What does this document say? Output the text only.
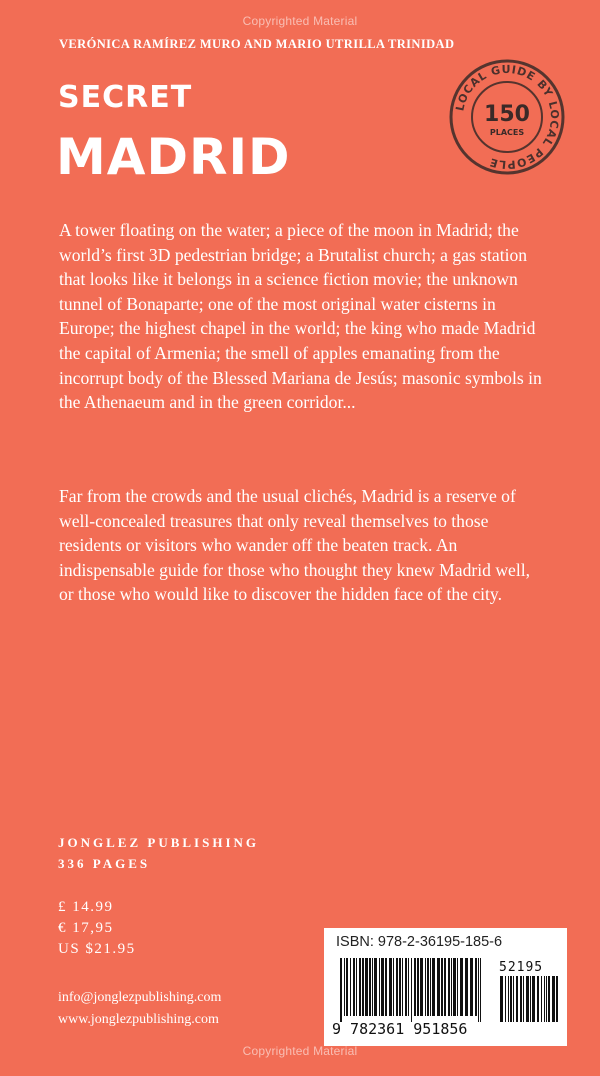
Copyrighted Material
VERÓNICA RAMÍREZ MURO AND MARIO UTRILLA TRINIDAD
SECRET
MADRID
LOCAL GUIDE BY LOCAL PEOPLE
150
PLACES
A tower floating on the water; a piece of the moon in Madrid; the world’s first 3D pedestrian bridge; a Brutalist church; a gas station that looks like it belongs in a science fiction movie; the unknown tunnel of Bonaparte; one of the most original water cisterns in Europe; the highest chapel in the world; the king who made Madrid the capital of Armenia; the smell of apples emanating from the incorrupt body of the Blessed Mariana de Jesús; masonic symbols in the Athenaeum and in the green corridor...
Far from the crowds and the usual clichés, Madrid is a reserve of well-concealed treasures that only reveal themselves to those residents or visitors who wander off the beaten track. An indispensable guide for those who thought they knew Madrid well, or those who would like to discover the hidden face of the city.
JONGLEZ PUBLISHING
336 PAGES
£ 14.99
€ 17,95
US $21.95
info@jonglezpublishing.com
www.jonglezpublishing.com
ISBN: 978-2-36195-185-6
52195
9 782361 951856
Copyrighted Material
